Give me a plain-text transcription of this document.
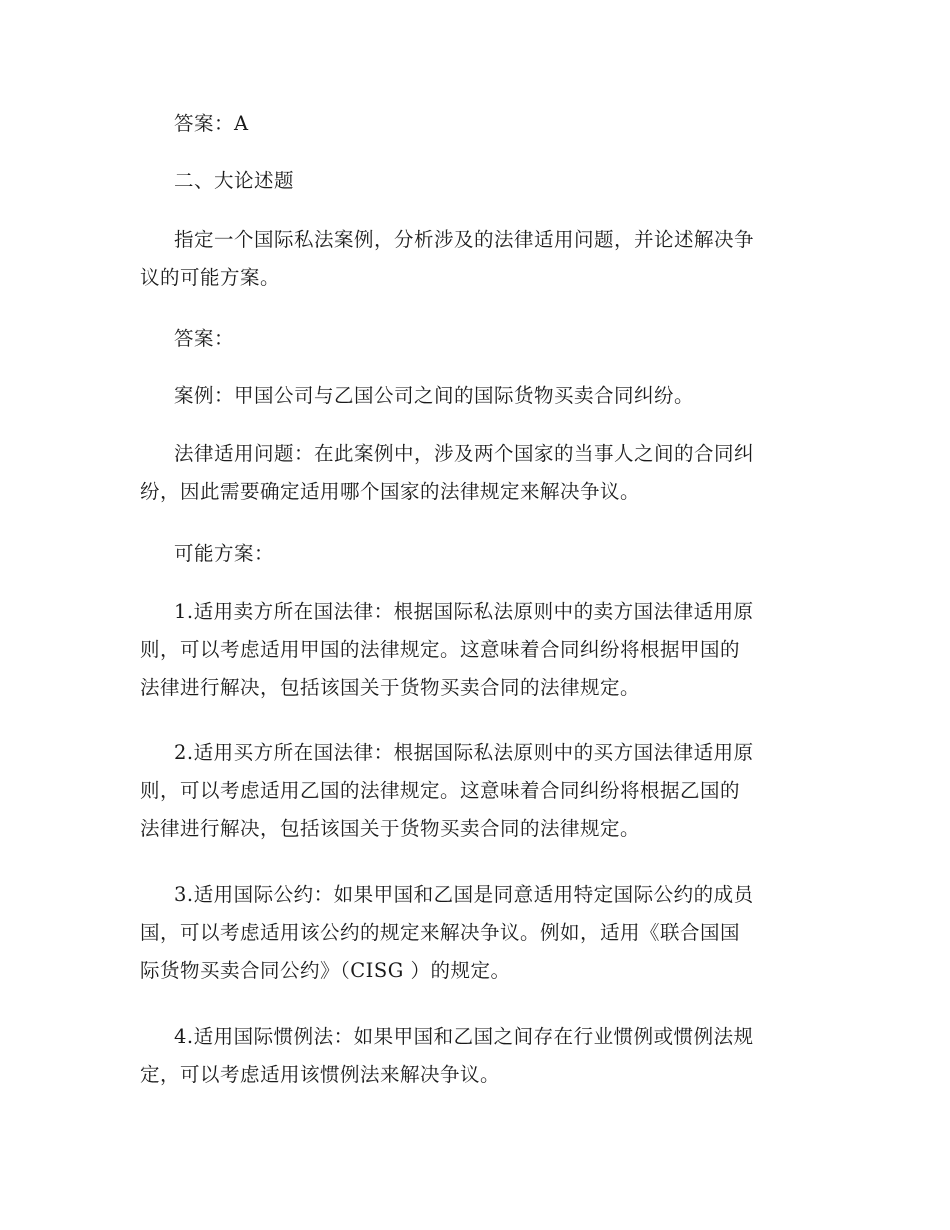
答案：A
二、大论述题
指定一个国际私法案例，分析涉及的法律适用问题，并论述解决争
议的可能方案。
答案：
案例：甲国公司与乙国公司之间的国际货物买卖合同纠纷。
法律适用问题：在此案例中，涉及两个国家的当事人之间的合同纠
纷，因此需要确定适用哪个国家的法律规定来解决争议。
可能方案：
1.适用卖方所在国法律：根据国际私法原则中的卖方国法律适用原
则，可以考虑适用甲国的法律规定。这意味着合同纠纷将根据甲国的
法律进行解决，包括该国关于货物买卖合同的法律规定。
2.适用买方所在国法律：根据国际私法原则中的买方国法律适用原
则，可以考虑适用乙国的法律规定。这意味着合同纠纷将根据乙国的
法律进行解决，包括该国关于货物买卖合同的法律规定。
3.适用国际公约：如果甲国和乙国是同意适用特定国际公约的成员
国，可以考虑适用该公约的规定来解决争议。例如，适用《联合国国
际货物买卖合同公约》（CISG ）的规定。
4.适用国际惯例法：如果甲国和乙国之间存在行业惯例或惯例法规
定，可以考虑适用该惯例法来解决争议。
